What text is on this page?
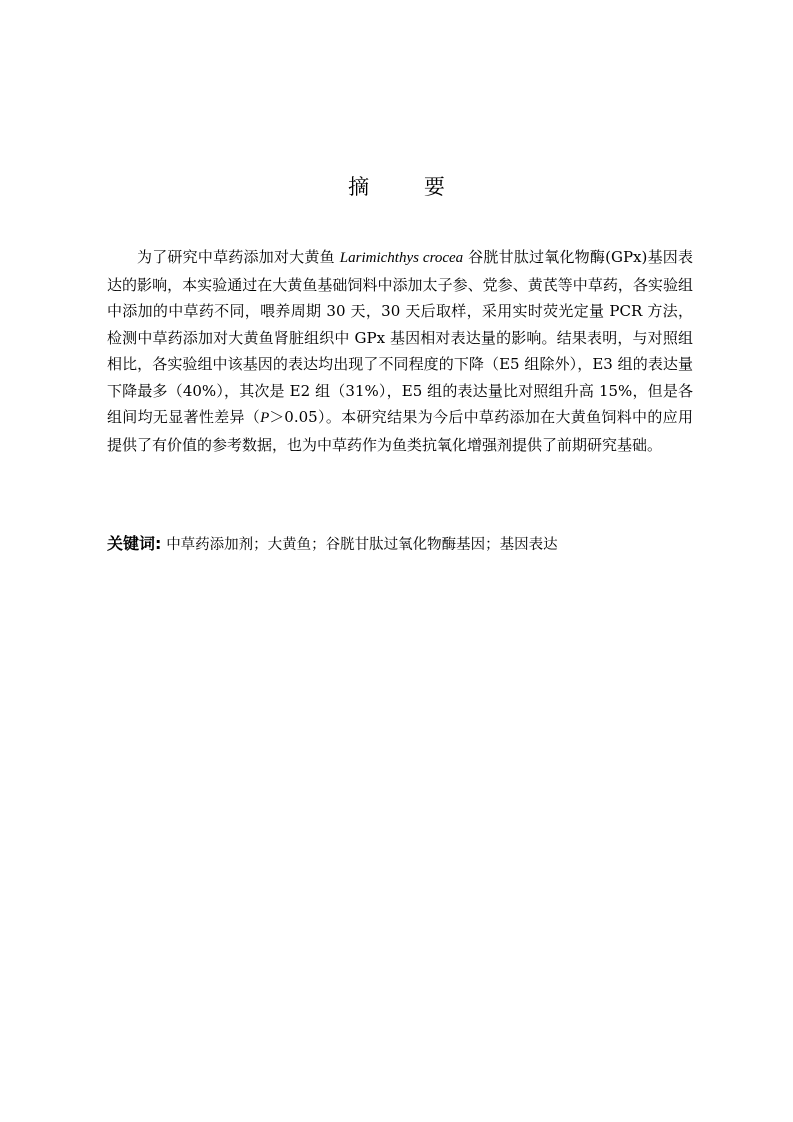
摘 要

为了研究中草药添加对大黄鱼 Larimichthys crocea 谷胱甘肽过氧化物酶(GPx)基因表达的影响，本实验通过在大黄鱼基础饲料中添加太子参、党参、黄芪等中草药，各实验组中添加的中草药不同，喂养周期 30 天，30 天后取样，采用实时荧光定量 PCR 方法，检测中草药添加对大黄鱼肾脏组织中 GPx 基因相对表达量的影响。结果表明，与对照组相比，各实验组中该基因的表达均出现了不同程度的下降（E5 组除外），E3 组的表达量下降最多（40%），其次是 E2 组（31%），E5 组的表达量比对照组升高 15%，但是各组间均无显著性差异（P＞0.05）。本研究结果为今后中草药添加在大黄鱼饲料中的应用提供了有价值的参考数据，也为中草药作为鱼类抗氧化增强剂提供了前期研究基础。

关键词: 中草药添加剂；大黄鱼；谷胱甘肽过氧化物酶基因；基因表达
